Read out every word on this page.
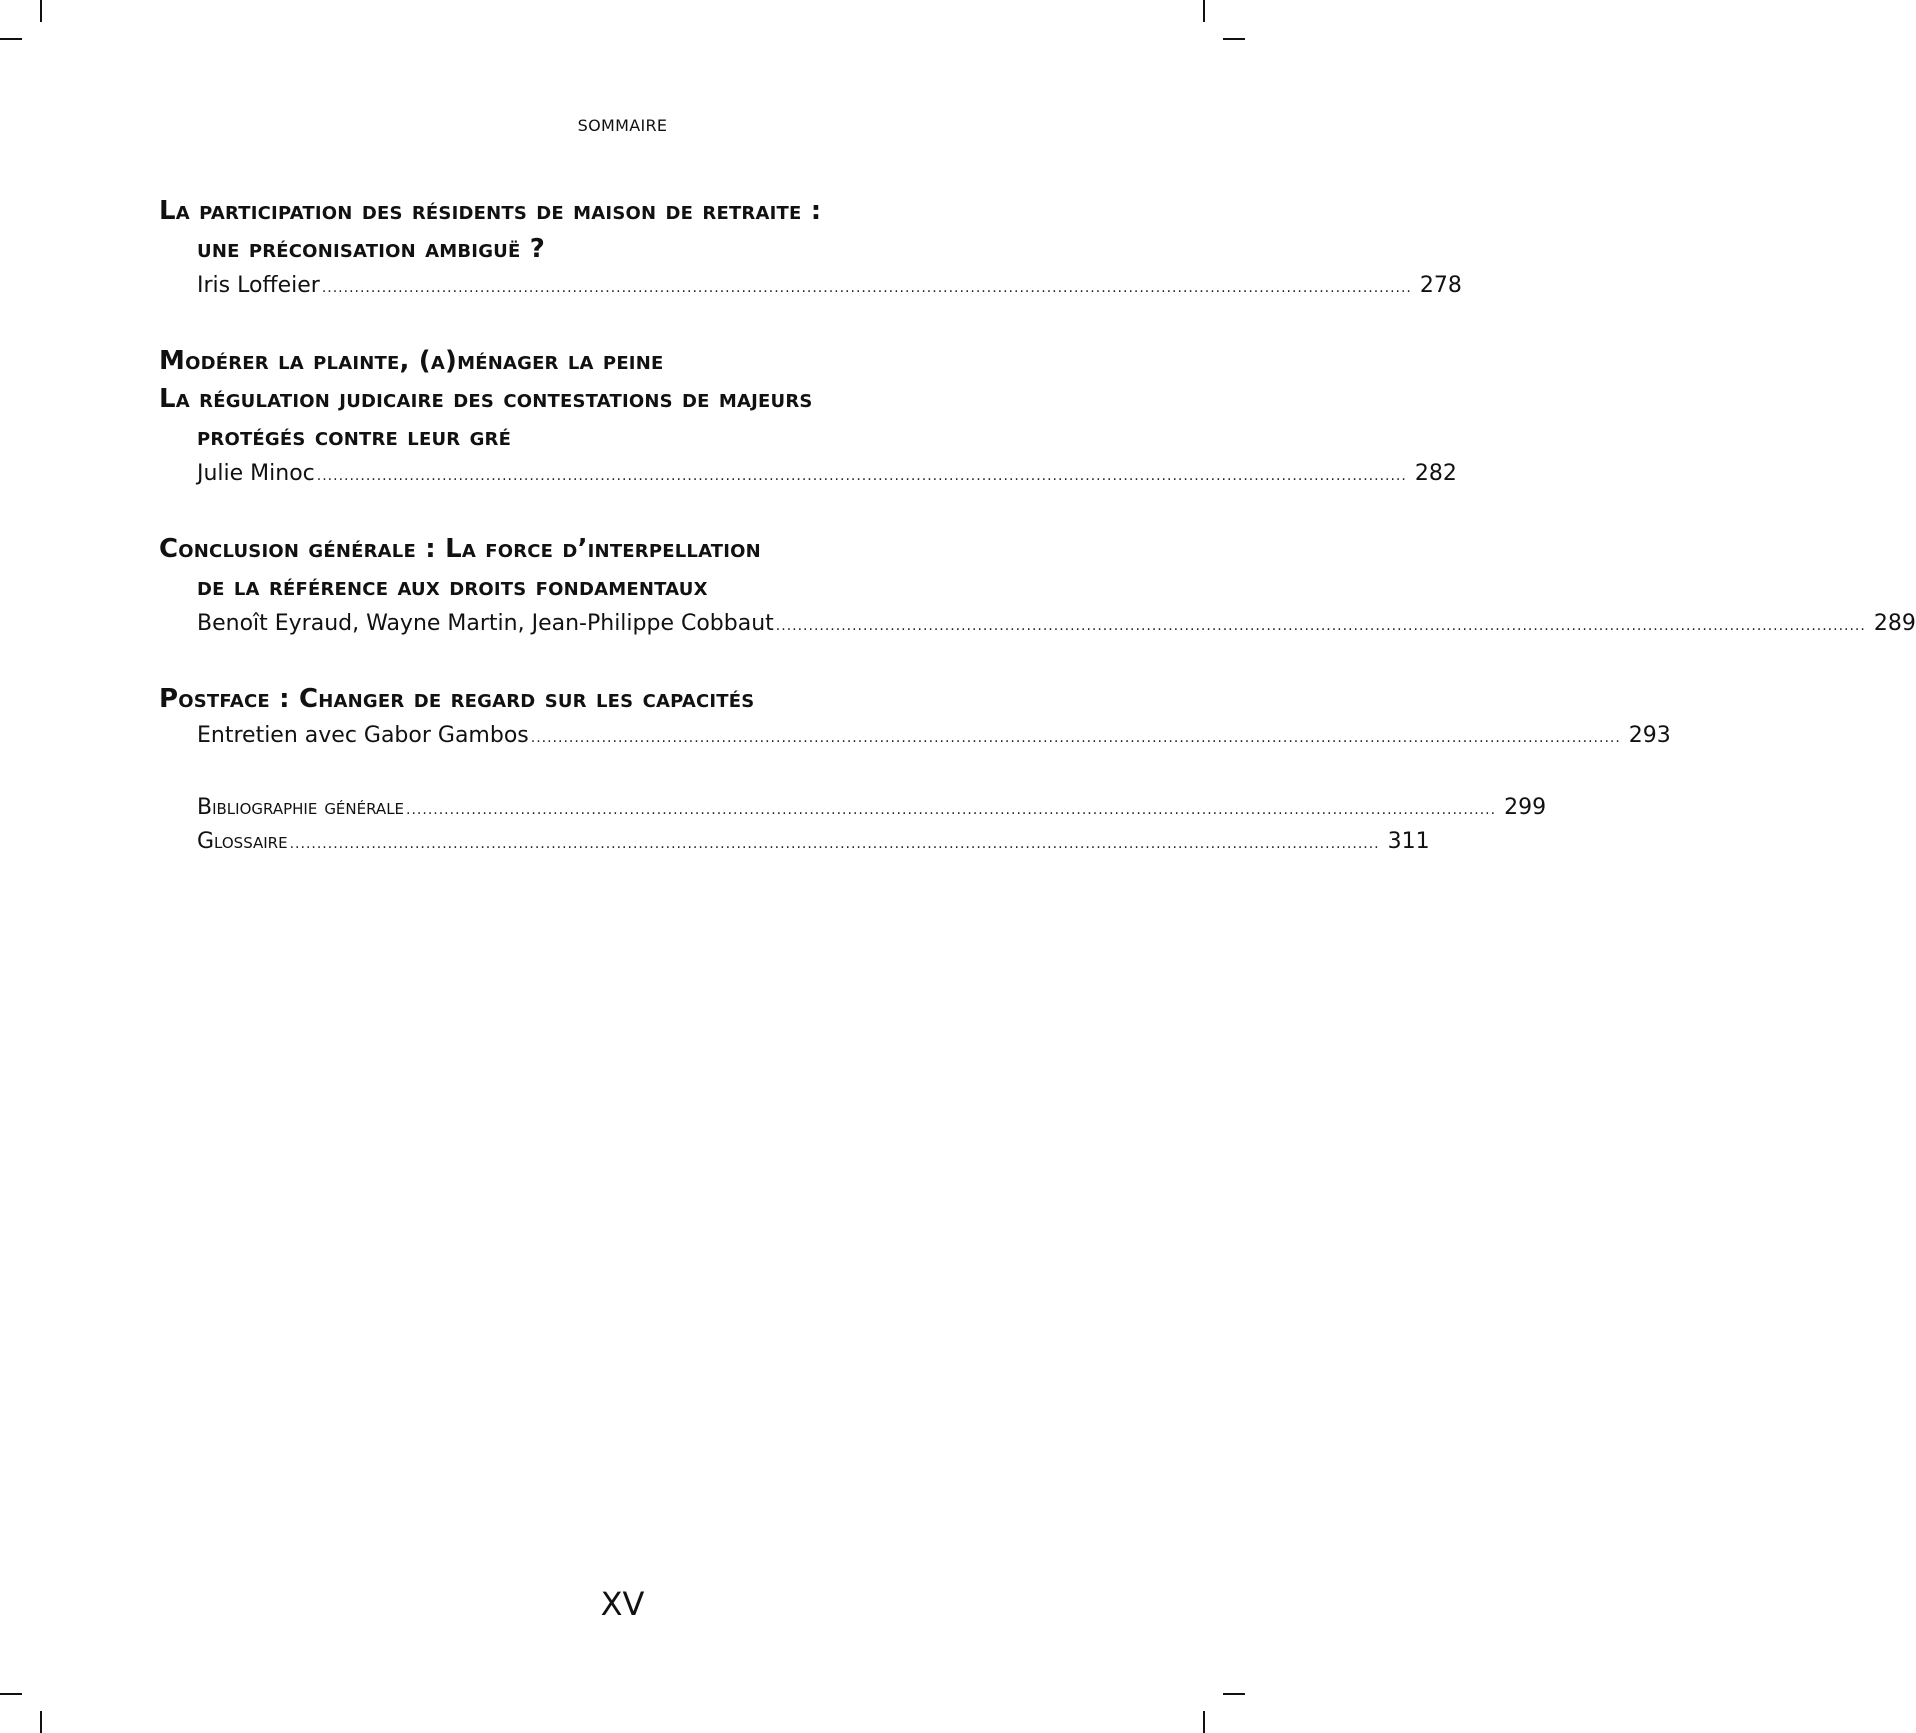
SOMMAIRE
La participation des résidents de maison de retraite :
une préconisation ambiguë ?
Iris Loffeier ........................................................................................................................................................................................................ 278
Modérer la plainte, (a)ménager la peine
La régulation judicaire des contestations de majeurs
protégés contre leur gré
Julie Minoc ........................................................................................................................................................................................................ 282
Conclusion générale : La force d’interpellation
de la référence aux droits fondamentaux
Benoît Eyraud, Wayne Martin, Jean-Philippe Cobbaut ........................................................................................................................................................................................................ 289
Postface : Changer de regard sur les capacités
Entretien avec Gabor Gambos ........................................................................................................................................................................................................ 293
Bibliographie générale ........................................................................................................................................................................................................ 299
Glossaire ........................................................................................................................................................................................................ 311
XV
